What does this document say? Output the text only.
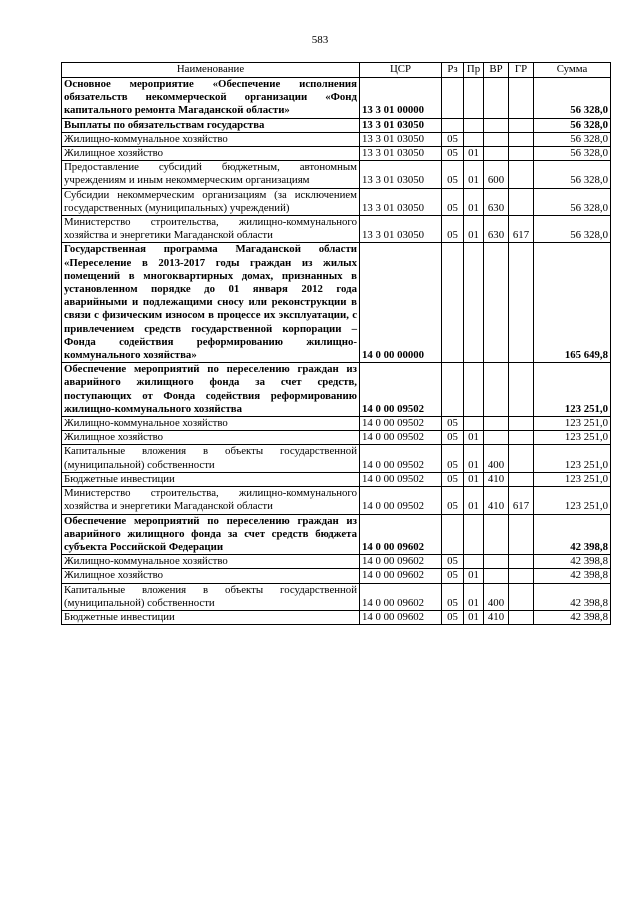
583
Наименование	ЦСР	Рз	Пр	ВР	ГР	Сумма
Основное мероприятие «Обеспечение исполнения обязательств некоммерческой организации «Фонд капитального ремонта Магаданской области»	13 3 01 00000					56 328,0
Выплаты по обязательствам государства	13 3 01 03050					56 328,0
Жилищно-коммунальное хозяйство	13 3 01 03050	05				56 328,0
Жилищное хозяйство	13 3 01 03050	05	01			56 328,0
Предоставление субсидий бюджетным, автономным учреждениям и иным некоммерческим организациям	13 3 01 03050	05	01	600		56 328,0
Субсидии некоммерческим организациям (за исключением государственных (муниципальных) учреждений)	13 3 01 03050	05	01	630		56 328,0
Министерство строительства, жилищно-коммунального хозяйства и энергетики Магаданской области	13 3 01 03050	05	01	630	617	56 328,0
Государственная программа Магаданской области «Переселение в 2013-2017 годы граждан из жилых помещений в многоквартирных домах, признанных в установленном порядке до 01 января 2012 года аварийными и подлежащими сносу или реконструкции в связи с физическим износом в процессе их эксплуатации, с привлечением средств государственной корпорации – Фонда содействия реформированию жилищно-коммунального хозяйства»	14 0 00 00000					165 649,8
Обеспечение мероприятий по переселению граждан из аварийного жилищного фонда за счет средств, поступающих от Фонда содействия реформированию жилищно-коммунального хозяйства	14 0 00 09502					123 251,0
Жилищно-коммунальное хозяйство	14 0 00 09502	05				123 251,0
Жилищное хозяйство	14 0 00 09502	05	01			123 251,0
Капитальные вложения в объекты государственной (муниципальной) собственности	14 0 00 09502	05	01	400		123 251,0
Бюджетные инвестиции	14 0 00 09502	05	01	410		123 251,0
Министерство строительства, жилищно-коммунального хозяйства и энергетики Магаданской области	14 0 00 09502	05	01	410	617	123 251,0
Обеспечение мероприятий по переселению граждан из аварийного жилищного фонда за счет средств бюджета субъекта Российской Федерации	14 0 00 09602					42 398,8
Жилищно-коммунальное хозяйство	14 0 00 09602	05				42 398,8
Жилищное хозяйство	14 0 00 09602	05	01			42 398,8
Капитальные вложения в объекты государственной (муниципальной) собственности	14 0 00 09602	05	01	400		42 398,8
Бюджетные инвестиции	14 0 00 09602	05	01	410		42 398,8
